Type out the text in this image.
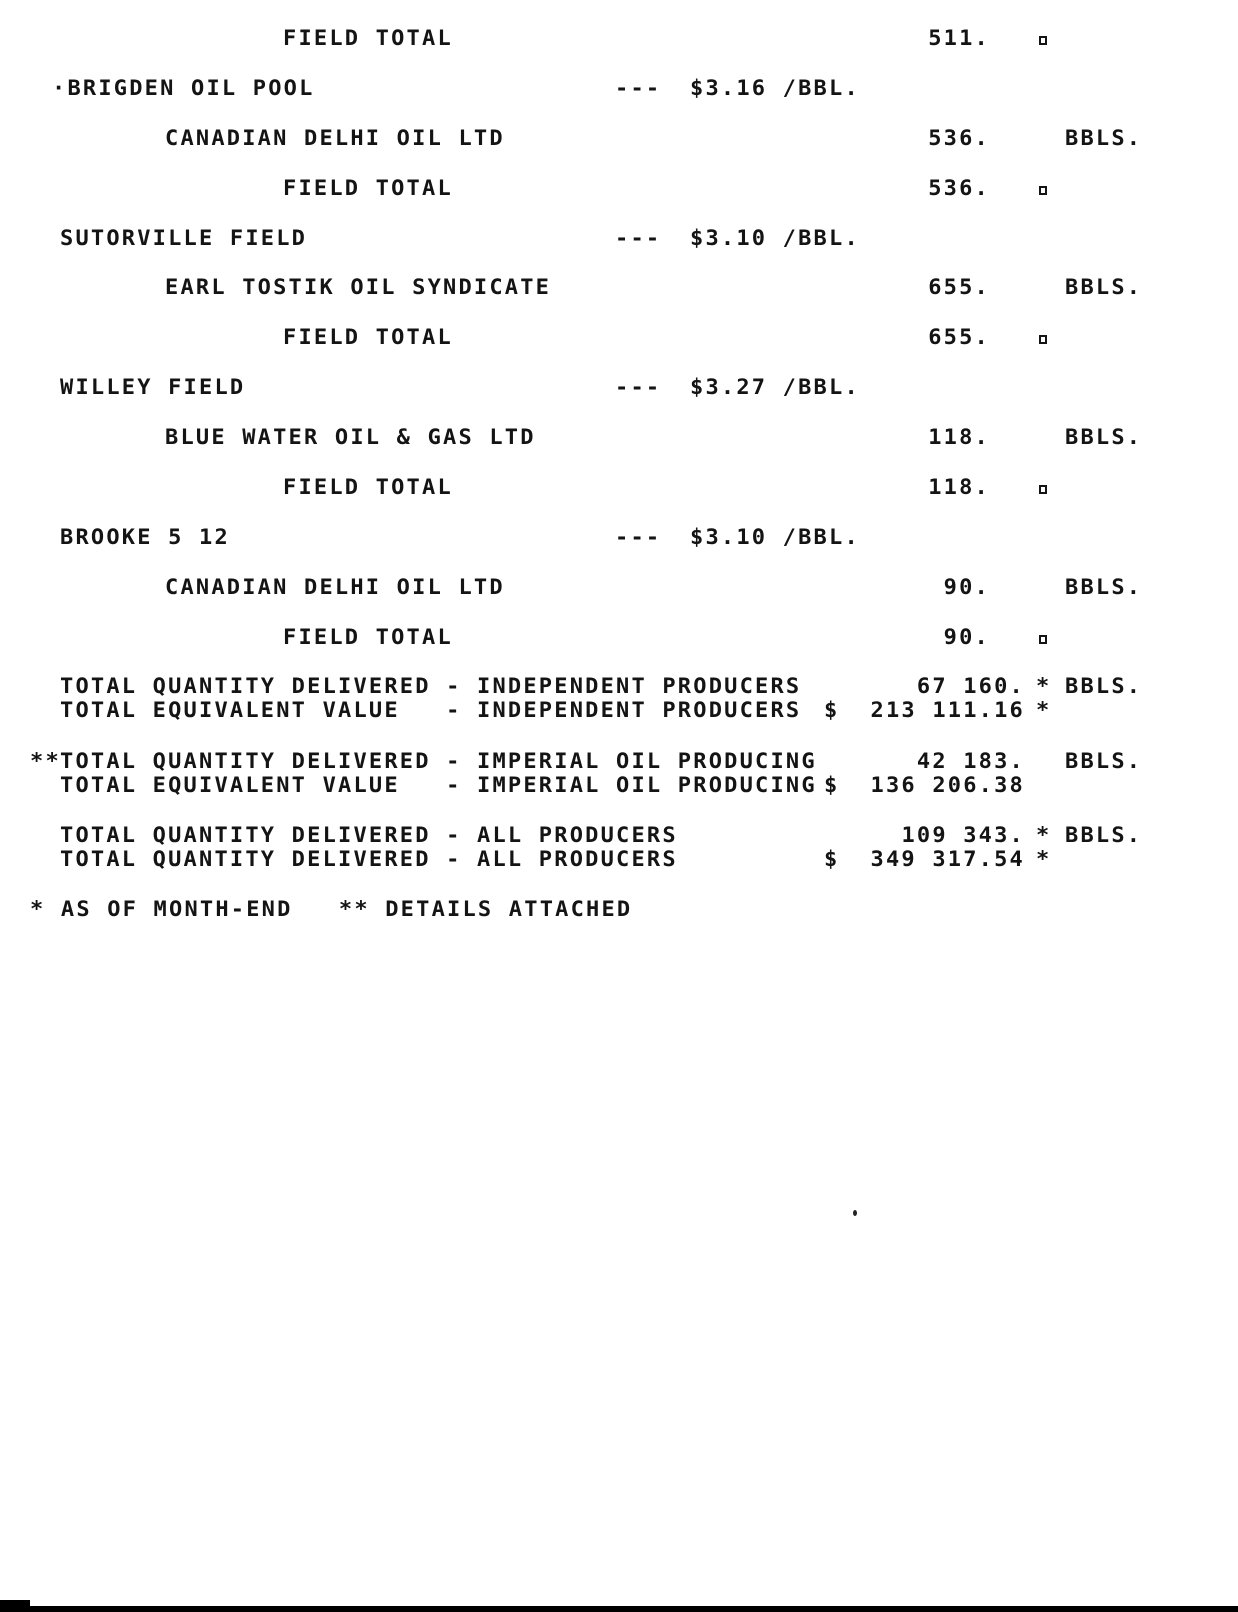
FIELD TOTAL	511.
·BRIGDEN OIL POOL	--- $3.16 /BBL.
CANADIAN DELHI OIL LTD	536.	BBLS.
FIELD TOTAL	536.
SUTORVILLE FIELD	--- $3.10 /BBL.
EARL TOSTIK OIL SYNDICATE	655.	BBLS.
FIELD TOTAL	655.
WILLEY FIELD	--- $3.27 /BBL.
BLUE WATER OIL & GAS LTD	118.	BBLS.
FIELD TOTAL	118.
BROOKE 5 12	--- $3.10 /BBL.
CANADIAN DELHI OIL LTD	90.	BBLS.
FIELD TOTAL	90.
TOTAL QUANTITY DELIVERED - INDEPENDENT PRODUCERS	67 160. * BBLS.
TOTAL EQUIVALENT VALUE   - INDEPENDENT PRODUCERS $	213 111.16 *
** TOTAL QUANTITY DELIVERED - IMPERIAL OIL PRODUCING	42 183. BBLS.
TOTAL EQUIVALENT VALUE   - IMPERIAL OIL PRODUCING $	136 206.38
TOTAL QUANTITY DELIVERED - ALL PRODUCERS	109 343. * BBLS.
TOTAL QUANTITY DELIVERED - ALL PRODUCERS	$	349 317.54 *
* AS OF MONTH-END   ** DETAILS ATTACHED
